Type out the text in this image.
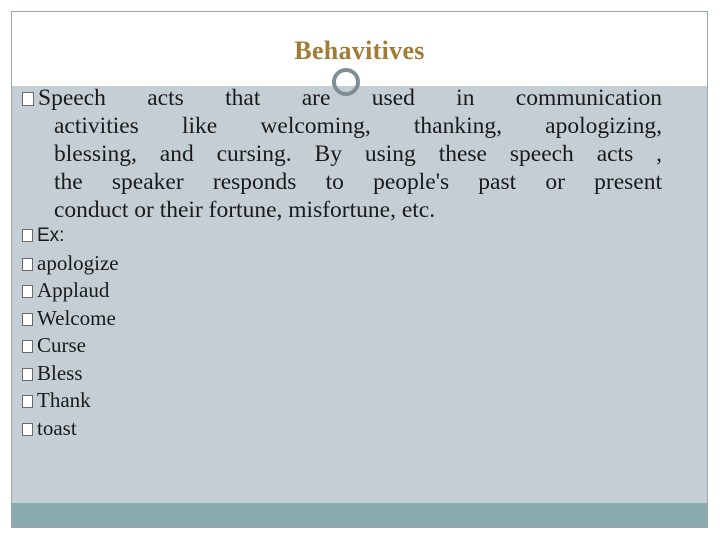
Behavitives
Speech acts that are used in communication
activities like welcoming, thanking, apologizing,
blessing, and cursing. By using these speech acts ,
the speaker responds to people's past or present
conduct or their fortune, misfortune, etc.
Ex:
apologize
Applaud
Welcome
Curse
Bless
Thank
toast
